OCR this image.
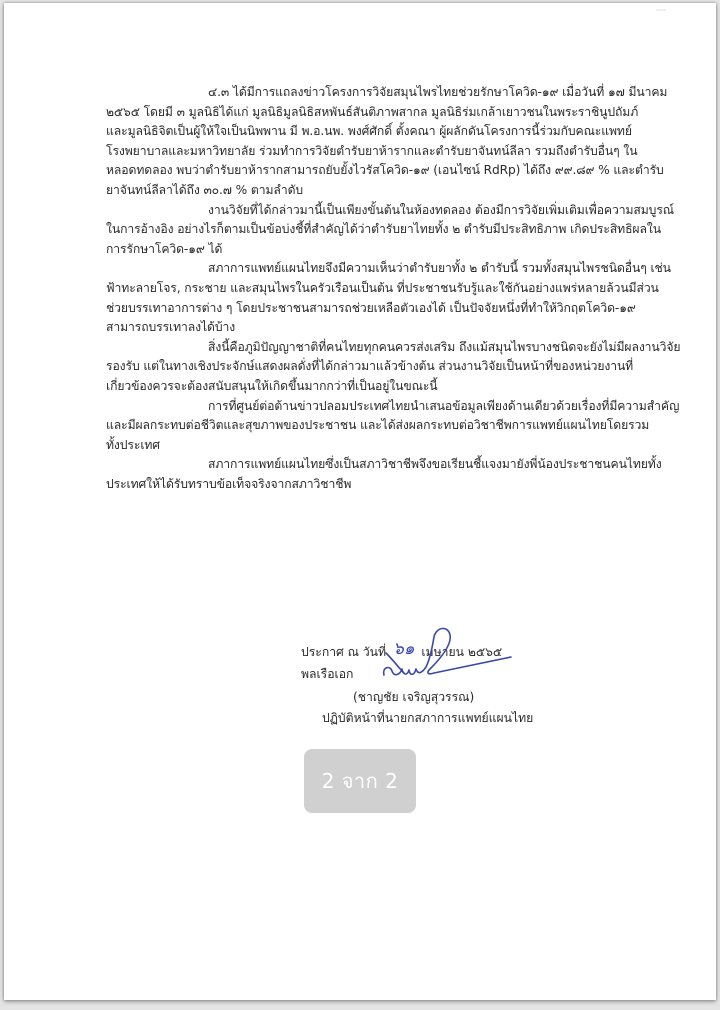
๔.๓ ได้มีการแถลงข่าวโครงการวิจัยสมุนไพรไทยช่วยรักษาโควิด-๑๙ เมื่อวันที่ ๑๗ มีนาคม
๒๕๖๕ โดยมี ๓ มูลนิธิได้แก่ มูลนิธิมูลนิธิสหพันธ์สันติภาพสากล มูลนิธิร่มเกล้าเยาวชนในพระราชินูปถัมภ์
และมูลนิธิจิตเป็นผู้ให้ใจเป็นนิพพาน มี พ.อ.นพ. พงศ์ศักดิ์ ตั้งคณา ผู้ผลักดันโครงการนี้ร่วมกับคณะแพทย์
โรงพยาบาลและมหาวิทยาลัย ร่วมทำการวิจัยตำรับยาห้ารากและตำรับยาจันทน์ลีลา รวมถึงตำรับอื่นๆ ใน
หลอดทดลอง พบว่าตำรับยาห้ารากสามารถยับยั้งไวรัสโควิด-๑๙ (เอนไซน์ RdRp) ได้ถึง ๙๙.๘๙ % และตำรับ
ยาจันทน์ลีลาได้ถึง ๓๐.๗ % ตามลำดับ

งานวิจัยที่ได้กล่าวมานี้เป็นเพียงขั้นต้นในห้องทดลอง ต้องมีการวิจัยเพิ่มเติมเพื่อความสมบูรณ์
ในการอ้างอิง อย่างไรก็ตามเป็นข้อบ่งชี้ที่สำคัญได้ว่าตำรับยาไทยทั้ง ๒ ตำรับมีประสิทธิภาพ เกิดประสิทธิผลใน
การรักษาโควิด-๑๙ ได้

สภาการแพทย์แผนไทยจึงมีความเห็นว่าตำรับยาทั้ง ๒ ตำรับนี้ รวมทั้งสมุนไพรชนิดอื่นๆ เช่น
ฟ้าทะลายโจร, กระชาย และสมุนไพรในครัวเรือนเป็นต้น ที่ประชาชนรับรู้และใช้กันอย่างแพร่หลายล้วนมีส่วน
ช่วยบรรเทาอาการต่าง ๆ โดยประชาชนสามารถช่วยเหลือตัวเองได้ เป็นปัจจัยหนึ่งที่ทำให้วิกฤตโควิด-๑๙
สามารถบรรเทาลงได้บ้าง

สิ่งนี้คือภูมิปัญญาชาติที่คนไทยทุกคนควรส่งเสริม ถึงแม้สมุนไพรบางชนิดจะยังไม่มีผลงานวิจัย
รองรับ แต่ในทางเชิงประจักษ์แสดงผลดั่งที่ได้กล่าวมาแล้วข้างต้น ส่วนงานวิจัยเป็นหน้าที่ของหน่วยงานที่
เกี่ยวข้องควรจะต้องสนับสนุนให้เกิดขึ้นมากกว่าที่เป็นอยู่ในขณะนี้

การที่ศูนย์ต่อต้านข่าวปลอมประเทศไทยนำเสนอข้อมูลเพียงด้านเดียวด้วยเรื่องที่มีความสำคัญ
และมีผลกระทบต่อชีวิตและสุขภาพของประชาชน และได้ส่งผลกระทบต่อวิชาชีพการแพทย์แผนไทยโดยรวม
ทั้งประเทศ

สภาการแพทย์แผนไทยซึ่งเป็นสภาวิชาชีพจึงขอเรียนชี้แจงมายังพี่น้องประชาชนคนไทยทั้ง
ประเทศให้ได้รับทราบข้อเท็จจริงจากสภาวิชาชีพ

ประกาศ ณ วันที่ ๖๑ เมษายน ๒๕๖๕
พลเรือเอก
(ชาญชัย เจริญสุวรรณ)
ปฏิบัติหน้าที่นายกสภาการแพทย์แผนไทย
2 จาก 2
